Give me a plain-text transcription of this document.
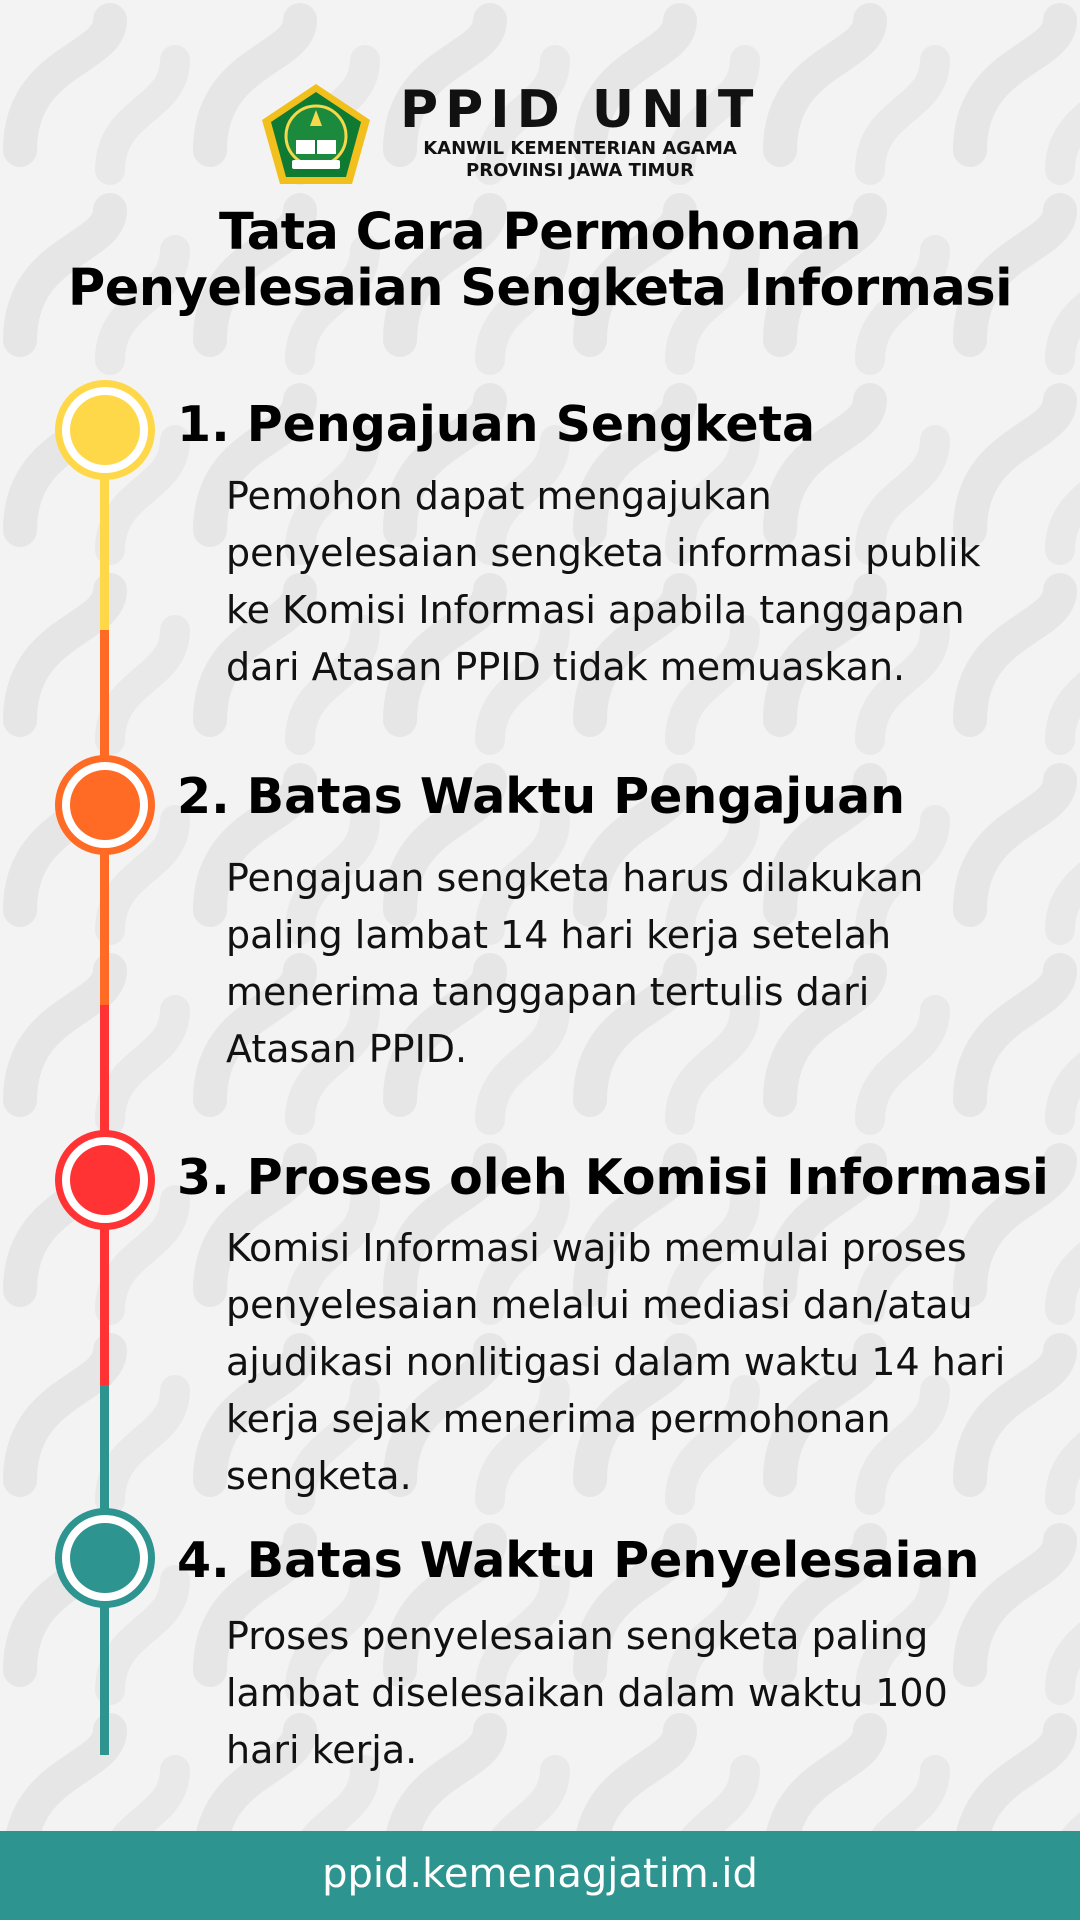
PPID UNIT
KANWIL KEMENTERIAN AGAMA
PROVINSI JAWA TIMUR
Tata Cara Permohonan
Penyelesaian Sengketa Informasi
1. Pengajuan Sengketa
Pemohon dapat mengajukan
penyelesaian sengketa informasi publik
ke Komisi Informasi apabila tanggapan
dari Atasan PPID tidak memuaskan.
2. Batas Waktu Pengajuan
Pengajuan sengketa harus dilakukan
paling lambat 14 hari kerja setelah
menerima tanggapan tertulis dari
Atasan PPID.
3. Proses oleh Komisi Informasi
Komisi Informasi wajib memulai proses
penyelesaian melalui mediasi dan/atau
ajudikasi nonlitigasi dalam waktu 14 hari
kerja sejak menerima permohonan
sengketa.
4. Batas Waktu Penyelesaian
Proses penyelesaian sengketa paling
lambat diselesaikan dalam waktu 100
hari kerja.
ppid.kemenagjatim.id
